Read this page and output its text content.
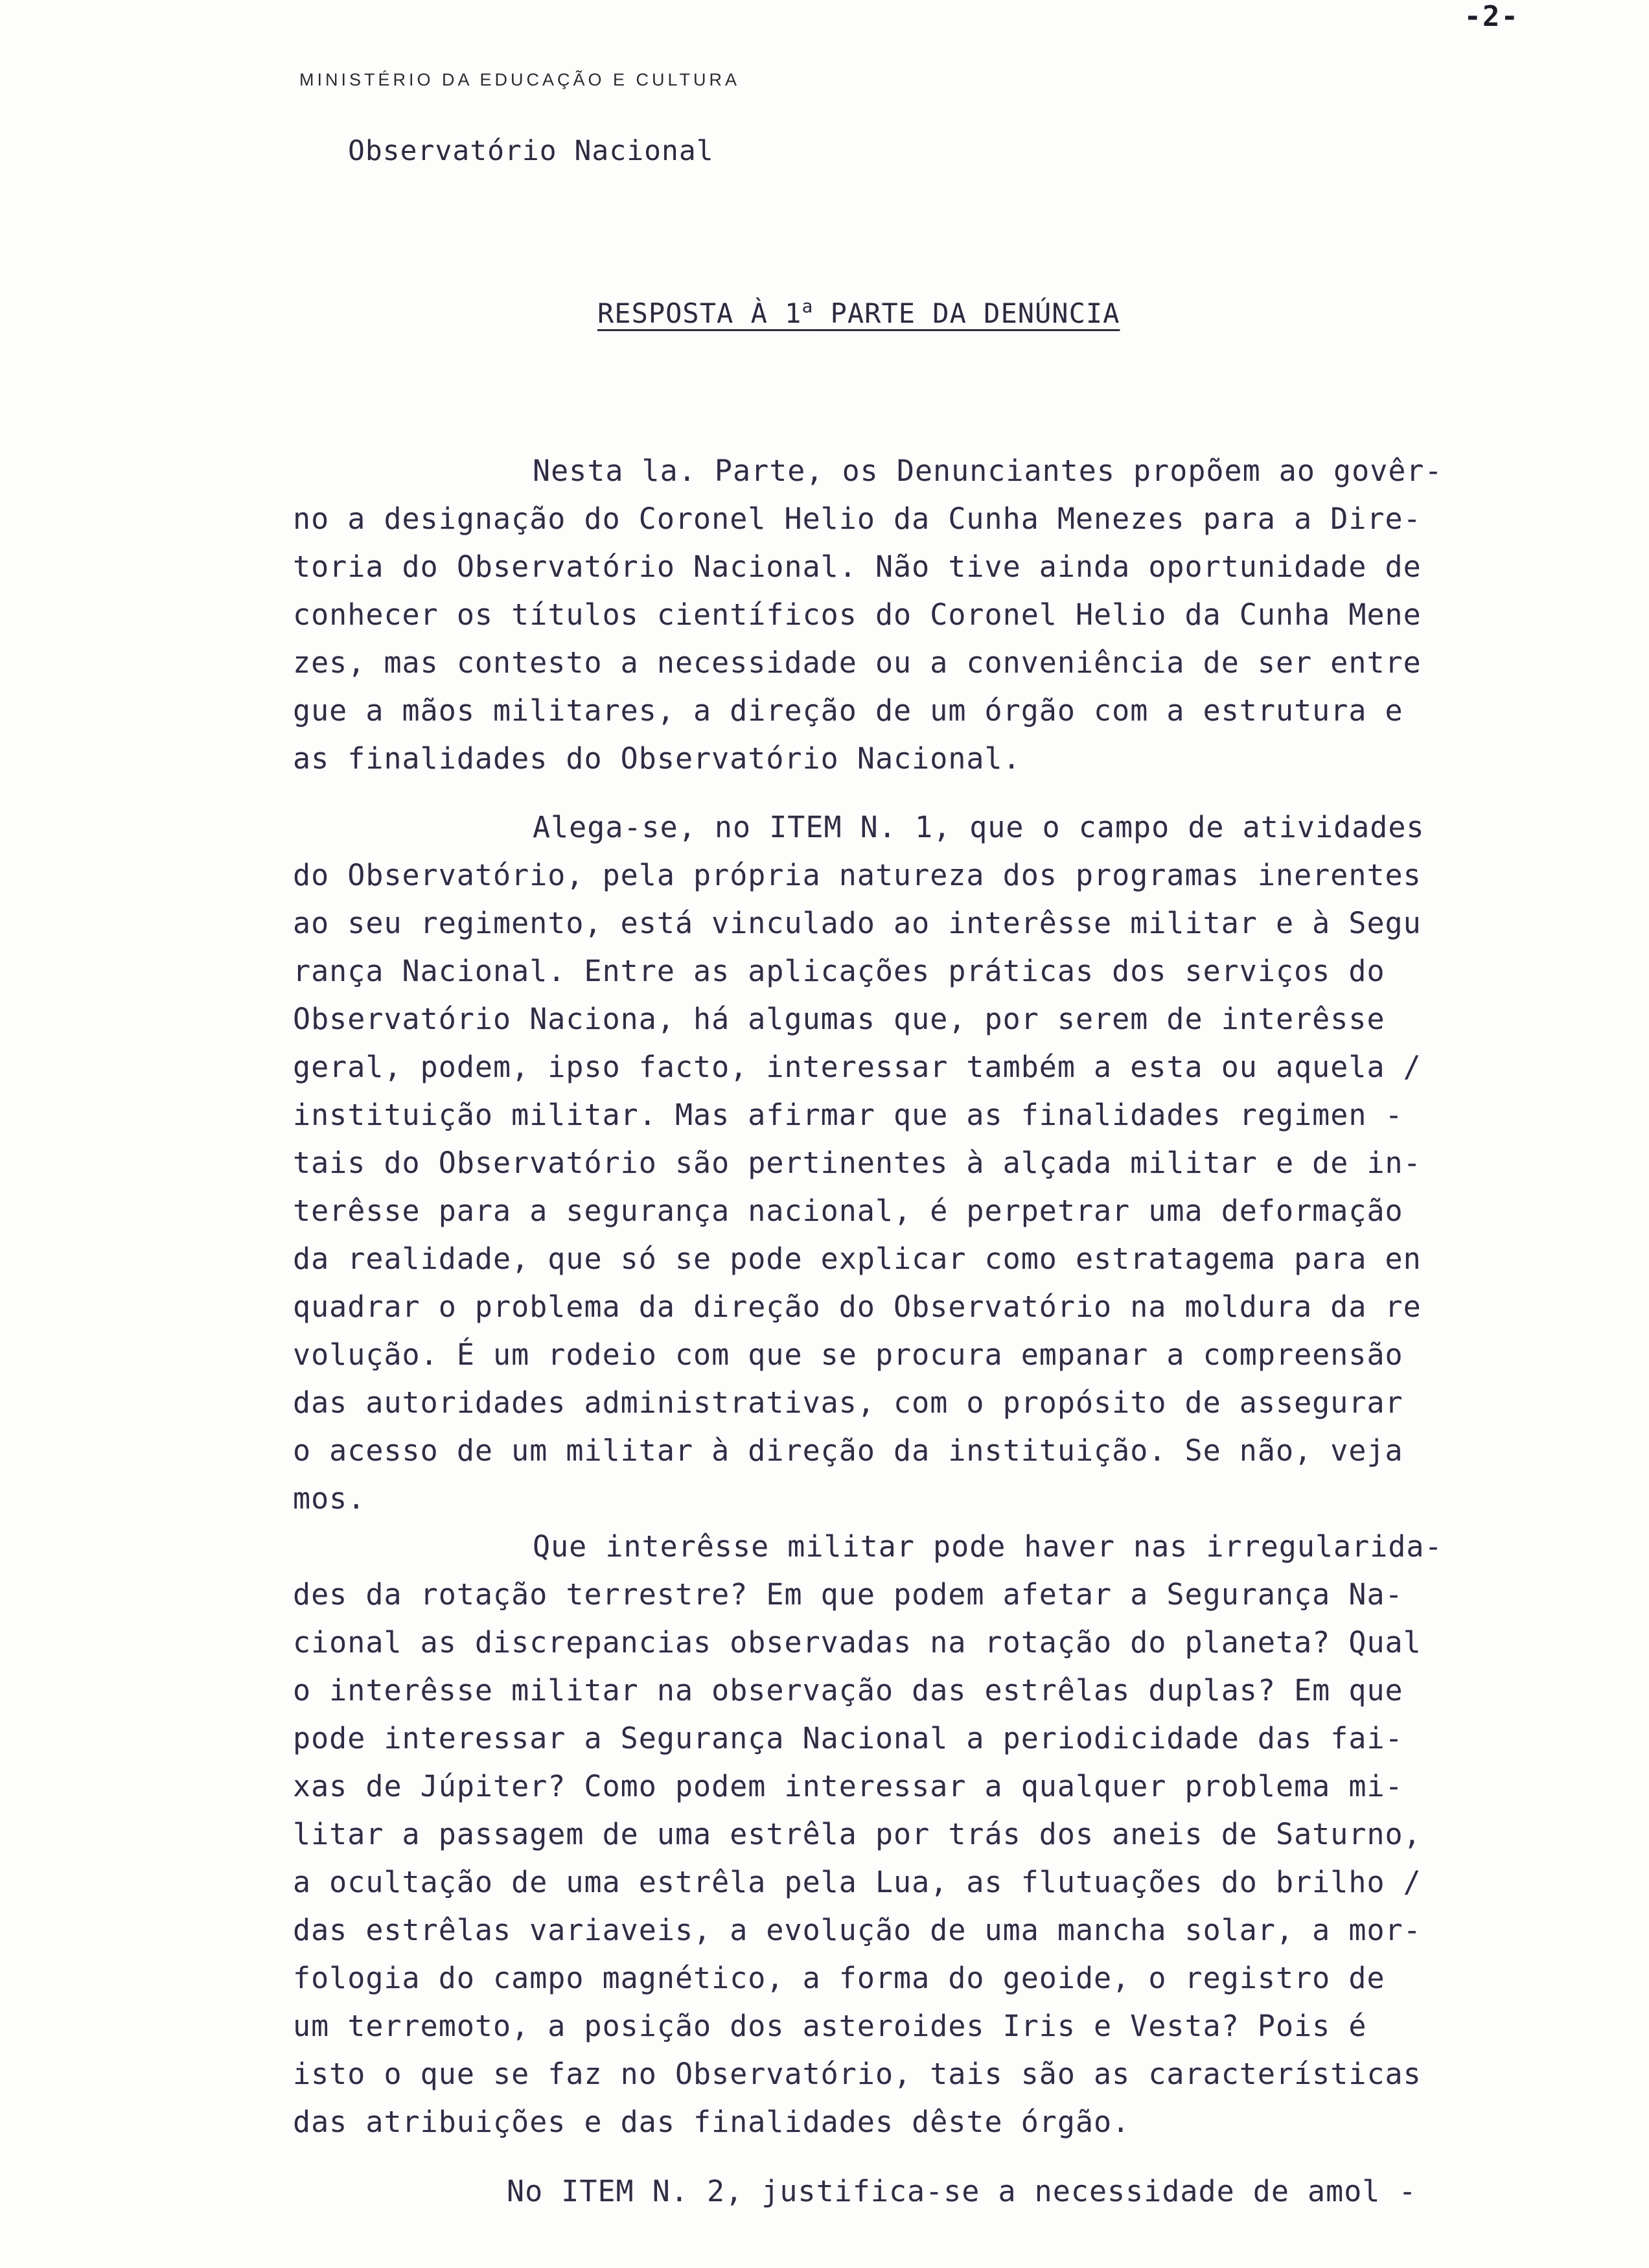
-2-
MINISTÉRIO DA EDUCAÇÃO E CULTURA
Observatório Nacional
RESPOSTA À 1$^a$ PARTE DA DENÚNCIA
Nesta la. Parte, os Denunciantes propõem ao govêr-
no a designação do Coronel Helio da Cunha Menezes para a Dire-
toria do Observatório Nacional. Não tive ainda oportunidade de
conhecer os títulos científicos do Coronel Helio da Cunha Mene
zes, mas contesto a necessidade ou a conveniência de ser entre
gue a mãos militares, a direção de um órgão com a estrutura e
as finalidades do Observatório Nacional.
Alega-se, no ITEM N. 1, que o campo de atividades
do Observatório, pela própria natureza dos programas inerentes
ao seu regimento, está vinculado ao interêsse militar e à Segu
rança Nacional. Entre as aplicações práticas dos serviços do
Observatório Naciona, há algumas que, por serem de interêsse
geral, podem, ipso facto, interessar também a esta ou aquela /
instituição militar. Mas afirmar que as finalidades regimen -
tais do Observatório são pertinentes à alçada militar e de in-
terêsse para a segurança nacional, é perpetrar uma deformação
da realidade, que só se pode explicar como estratagema para en
quadrar o problema da direção do Observatório na moldura da re
volução. É um rodeio com que se procura empanar a compreensão
das autoridades administrativas, com o propósito de assegurar
o acesso de um militar à direção da instituição. Se não, veja
mos.
Que interêsse militar pode haver nas irregularida-
des da rotação terrestre? Em que podem afetar a Segurança Na-
cional as discrepancias observadas na rotação do planeta? Qual
o interêsse militar na observação das estrêlas duplas? Em que
pode interessar a Segurança Nacional a periodicidade das fai-
xas de Júpiter? Como podem interessar a qualquer problema mi-
litar a passagem de uma estrêla por trás dos aneis de Saturno,
a ocultação de uma estrêla pela Lua, as flutuações do brilho /
das estrêlas variaveis, a evolução de uma mancha solar, a mor-
fologia do campo magnético, a forma do geoide, o registro de
um terremoto, a posição dos asteroides Iris e Vesta? Pois é
isto o que se faz no Observatório, tais são as características
das atribuições e das finalidades dêste órgão.
No ITEM N. 2, justifica-se a necessidade de amol -
